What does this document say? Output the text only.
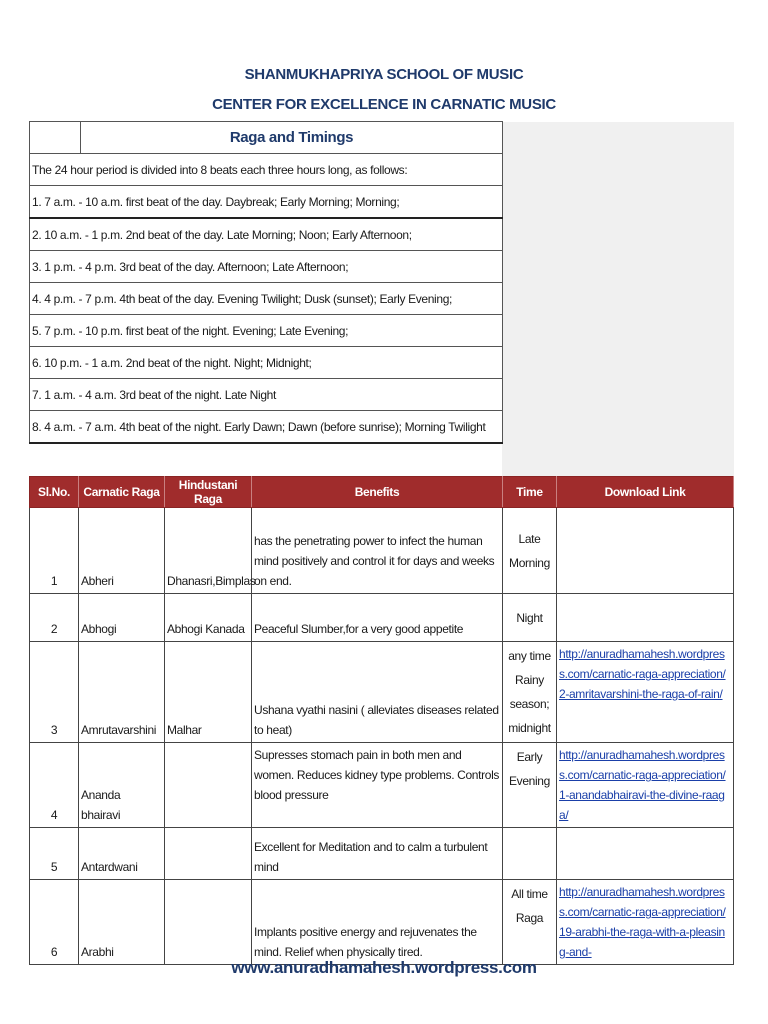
SHANMUKHAPRIYA SCHOOL OF MUSIC
CENTER FOR EXCELLENCE IN CARNATIC MUSIC
	Raga and Timings
The 24 hour period is divided into 8 beats each three hours long, as follows:
1. 7 a.m. - 10 a.m. first beat of the day. Daybreak; Early Morning; Morning;
2. 10 a.m. - 1 p.m. 2nd beat of the day. Late Morning; Noon; Early Afternoon;
3. 1 p.m. - 4 p.m. 3rd beat of the day. Afternoon; Late Afternoon;
4. 4 p.m. - 7 p.m. 4th beat of the day. Evening Twilight; Dusk (sunset); Early Evening;
5. 7 p.m. - 10 p.m. first beat of the night. Evening; Late Evening;
6. 10 p.m. - 1 a.m. 2nd beat of the night. Night; Midnight;
7. 1 a.m. - 4 a.m. 3rd beat of the night. Late Night
8. 4 a.m. - 7 a.m. 4th beat of the night. Early Dawn; Dawn (before sunrise); Morning Twilight
Sl.No.	Carnatic Raga	Hindustani Raga	Benefits	Time	Download Link
1	Abheri	Dhanasri,Bimplas	has the penetrating power to infect the human mind positively and control it for days and weeks on end.	Late Morning	
2	Abhogi	Abhogi Kanada	Peaceful Slumber,for a very good appetite	Night	
3	Amrutavarshini	Malhar	Ushana vyathi nasini ( alleviates diseases related to heat)	any time Rainy season; midnight	http://anuradhamahesh.wordpress.com/carnatic-raga-appreciation/2-amritavarshini-the-raga-of-rain/
4	Ananda bhairavi		Supresses stomach pain in both men and women. Reduces kidney type problems. Controls blood pressure	Early Evening	http://anuradhamahesh.wordpress.com/carnatic-raga-appreciation/1-anandabhairavi-the-divine-raaga/
5	Antardwani		Excellent for Meditation and to calm a turbulent mind		
6	Arabhi		Implants positive energy and rejuvenates the mind. Relief when physically tired.	All time Raga	http://anuradhamahesh.wordpress.com/carnatic-raga-appreciation/19-arabhi-the-raga-with-a-pleasing-and-
www.anuradhamahesh.wordpress.com
